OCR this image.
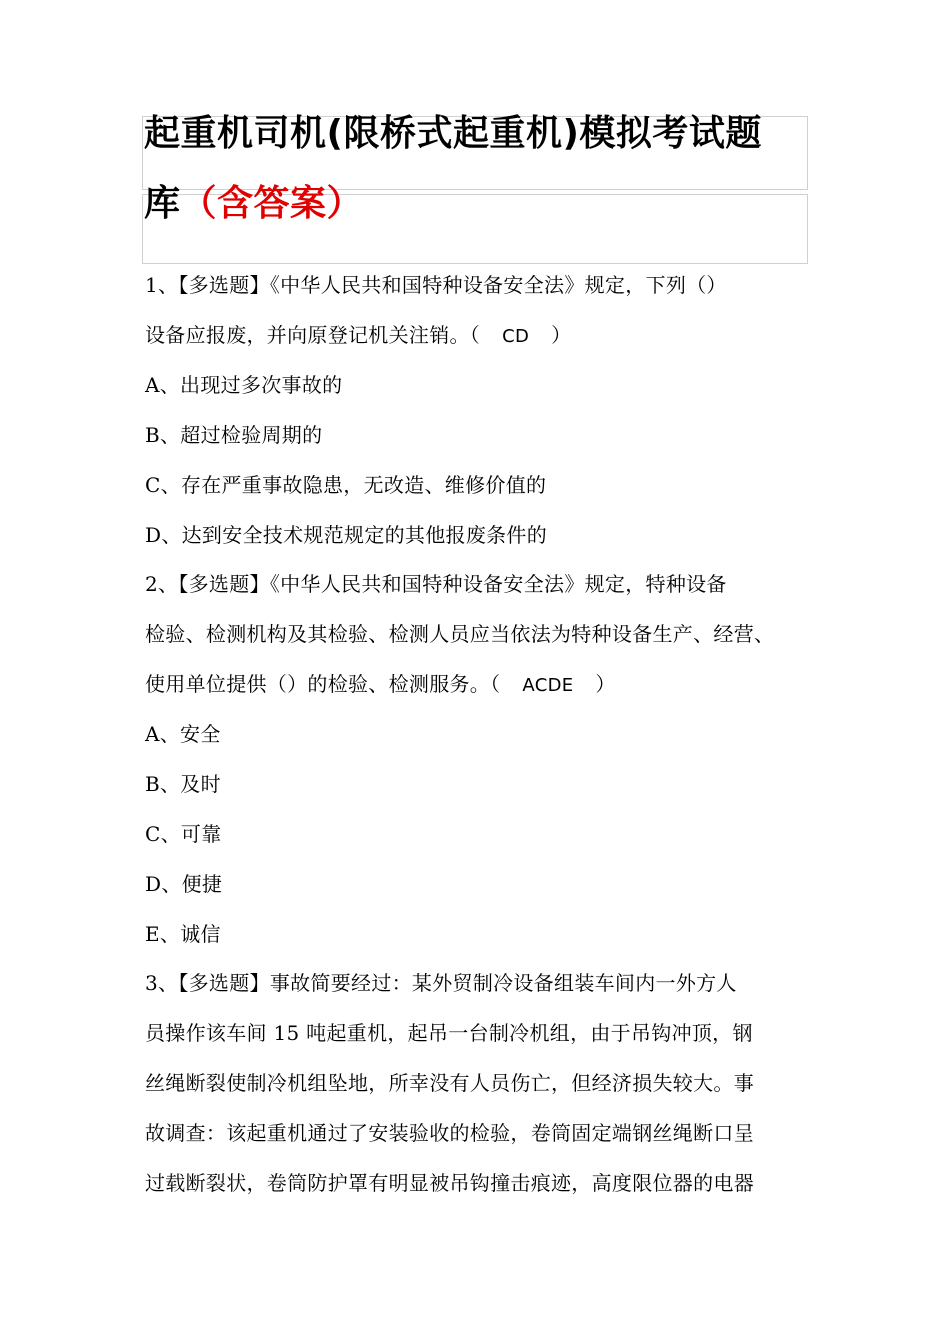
起重机司机(限桥式起重机)模拟考试题
库（含答案）
1、【多选题】《中华人民共和国特种设备安全法》规定，下列（）
设备应报废，并向原登记机关注销。（ CD ）
A、出现过多次事故的
B、超过检验周期的
C、存在严重事故隐患，无改造、维修价值的
D、达到安全技术规范规定的其他报废条件的
2、【多选题】《中华人民共和国特种设备安全法》规定，特种设备
检验、检测机构及其检验、检测人员应当依法为特种设备生产、经营、
使用单位提供（）的检验、检测服务。（ ACDE ）
A、安全
B、及时
C、可靠
D、便捷
E、诚信
3、【多选题】事故简要经过：某外贸制冷设备组装车间内一外方人
员操作该车间 15 吨起重机，起吊一台制冷机组，由于吊钩冲顶，钢
丝绳断裂使制冷机组坠地，所幸没有人员伤亡，但经济损失较大。事
故调查：该起重机通过了安装验收的检验，卷筒固定端钢丝绳断口呈
过载断裂状，卷筒防护罩有明显被吊钩撞击痕迹，高度限位器的电器
